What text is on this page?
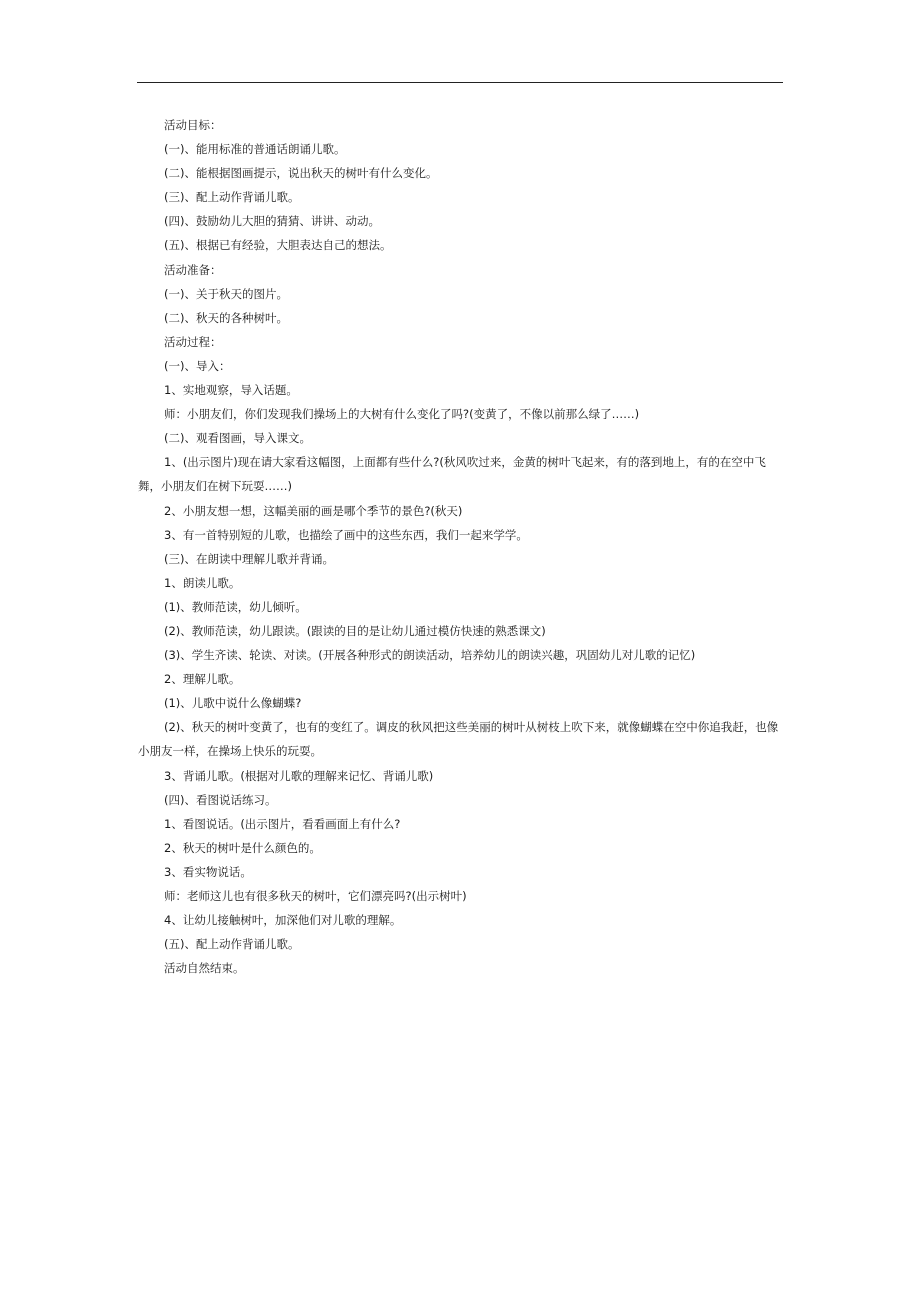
活动目标：

(一)、能用标准的普通话朗诵儿歌。

(二)、能根据图画提示，说出秋天的树叶有什么变化。

(三)、配上动作背诵儿歌。

(四)、鼓励幼儿大胆的猜猜、讲讲、动动。

(五)、根据已有经验，大胆表达自己的想法。

活动准备：

(一)、关于秋天的图片。

(二)、秋天的各种树叶。

活动过程：

(一)、导入：

1、实地观察，导入话题。

师：小朋友们，你们发现我们操场上的大树有什么变化了吗?(变黄了，不像以前那么绿了……)

(二)、观看图画，导入课文。

1、(出示图片)现在请大家看这幅图，上面都有些什么?(秋风吹过来，金黄的树叶飞起来，有的落到地上，有的在空中飞舞，小朋友们在树下玩耍……)

2、小朋友想一想，这幅美丽的画是哪个季节的景色?(秋天)

3、有一首特别短的儿歌，也描绘了画中的这些东西，我们一起来学学。

(三)、在朗读中理解儿歌并背诵。

1、朗读儿歌。

(1)、教师范读，幼儿倾听。

(2)、教师范读，幼儿跟读。(跟读的目的是让幼儿通过模仿快速的熟悉课文)

(3)、学生齐读、轮读、对读。(开展各种形式的朗读活动，培养幼儿的朗读兴趣，巩固幼儿对儿歌的记忆)

2、理解儿歌。

(1)、儿歌中说什么像蝴蝶?

(2)、秋天的树叶变黄了，也有的变红了。调皮的秋风把这些美丽的树叶从树枝上吹下来，就像蝴蝶在空中你追我赶，也像小朋友一样，在操场上快乐的玩耍。

3、背诵儿歌。(根据对儿歌的理解来记忆、背诵儿歌)

(四)、看图说话练习。

1、看图说话。(出示图片，看看画面上有什么?

2、秋天的树叶是什么颜色的。

3、看实物说话。

师：老师这儿也有很多秋天的树叶，它们漂亮吗?(出示树叶)

4、让幼儿接触树叶，加深他们对儿歌的理解。

(五)、配上动作背诵儿歌。

活动自然结束。
